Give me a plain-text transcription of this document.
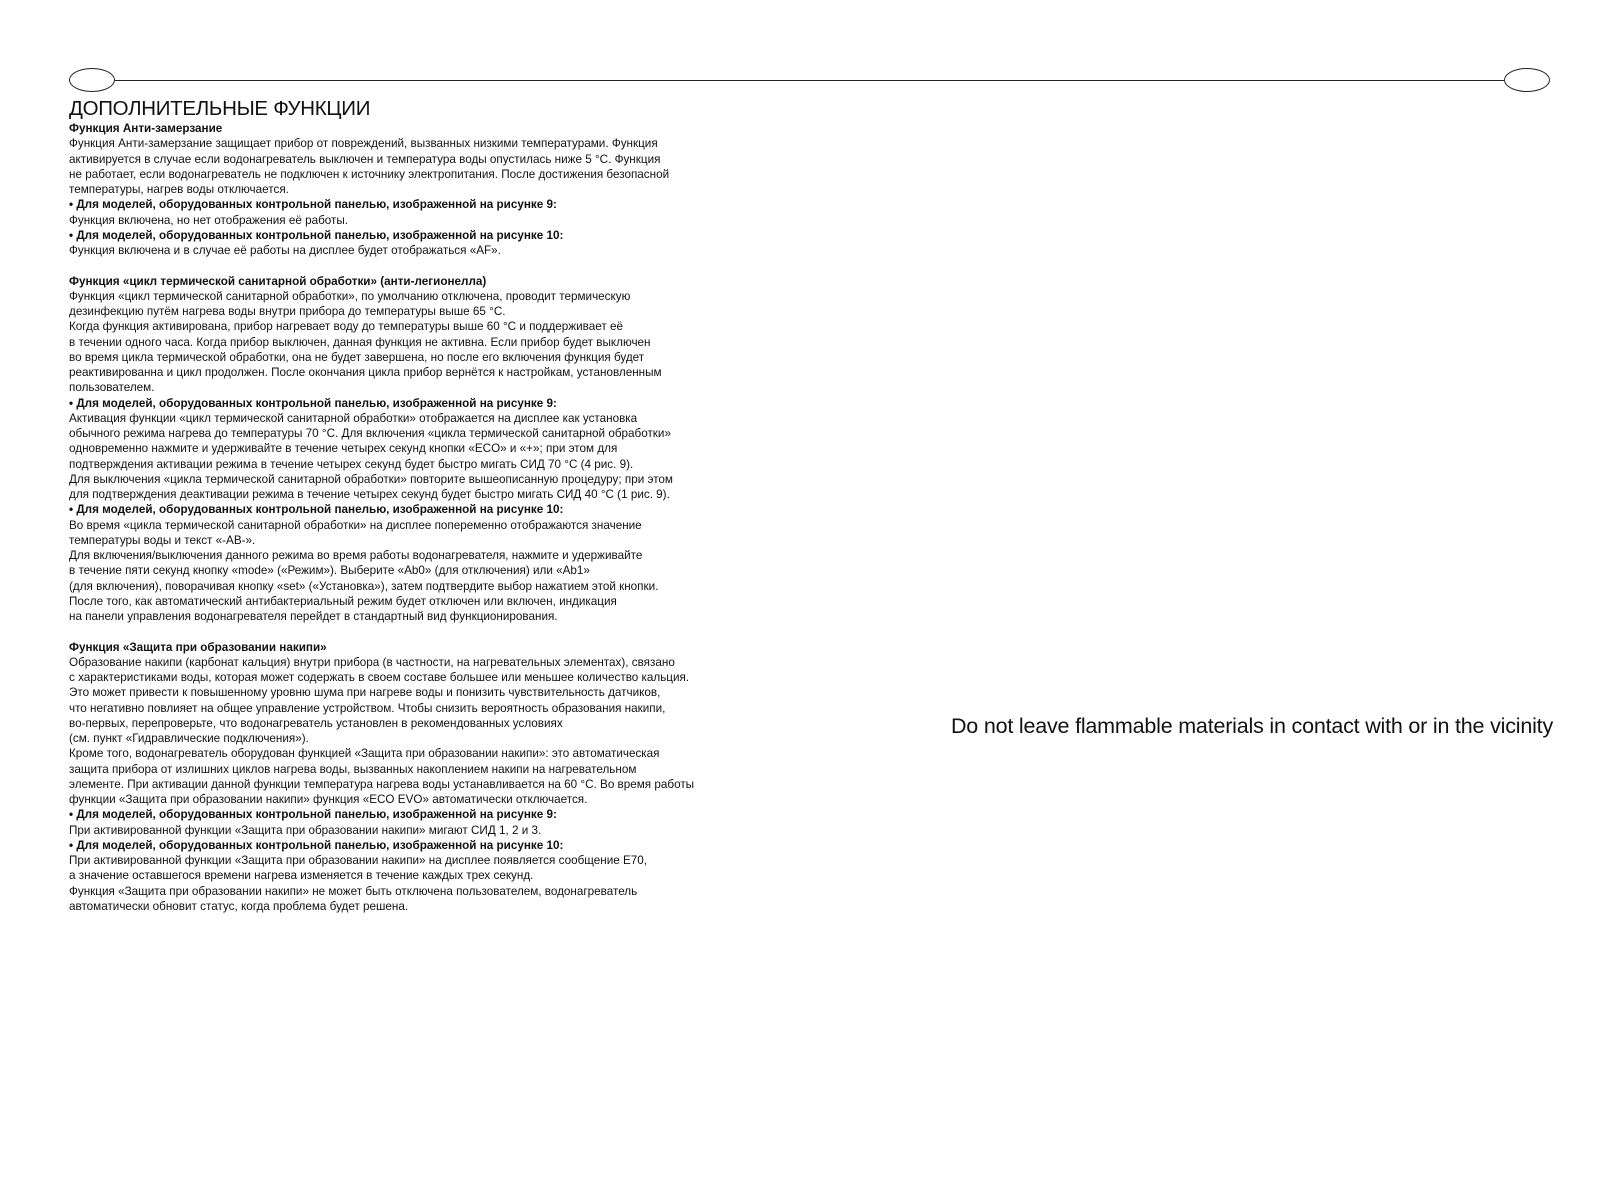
ДОПОЛНИТЕЛЬНЫЕ ФУНКЦИИ
Функция Анти-замерзание
Функция Анти-замерзание защищает прибор от повреждений, вызванных низкими температурами. Функция
активируется в случае если водонагреватель выключен и температура воды опустилась ниже 5 °C. Функция
не работает, если водонагреватель не подключен к источнику электропитания. После достижения безопасной
температуры, нагрев воды отключается.
• Для моделей, оборудованных контрольной панелью, изображенной на рисунке 9:
Функция включена, но нет отображения её работы.
• Для моделей, оборудованных контрольной панелью, изображенной на рисунке 10:
Функция включена и в случае её работы на дисплее будет отображаться «AF».
Функция «цикл термической санитарной обработки» (анти-легионелла)
Функция «цикл термической санитарной обработки», по умолчанию отключена, проводит термическую
дезинфекцию путём нагрева воды внутри прибора до температуры выше 65 °C.
Когда функция активирована, прибор нагревает воду до температуры выше 60 °C и поддерживает её
в течении одного часа. Когда прибор выключен, данная функция не активна. Если прибор будет выключен
во время цикла термической обработки, она не будет завершена, но после его включения функция будет
реактивированна и цикл продолжен. После окончания цикла прибор вернётся к настройкам, установленным
пользователем.
• Для моделей, оборудованных контрольной панелью, изображенной на рисунке 9:
Активация функции «цикл термической санитарной обработки» отображается на дисплее как установка
обычного режима нагрева до температуры 70 °C. Для включения «цикла термической санитарной обработки»
одновременно нажмите и удерживайте в течение четырех секунд кнопки «ECO» и «+»; при этом для
подтверждения активации режима в течение четырех секунд будет быстро мигать СИД 70 °C (4 рис. 9).
Для выключения «цикла термической санитарной обработки» повторите вышеописанную процедуру; при этом
для подтверждения деактивации режима в течение четырех секунд будет быстро мигать СИД 40 °C (1 рис. 9).
• Для моделей, оборудованных контрольной панелью, изображенной на рисунке 10:
Во время «цикла термической санитарной обработки» на дисплее попеременно отображаются значение
температуры воды и текст «-AB-».
Для включения/выключения данного режима во время работы водонагревателя, нажмите и удерживайте
в течение пяти секунд кнопку «mode» («Режим»). Выберите «Ab0» (для отключения) или «Ab1»
(для включения), поворачивая кнопку «set» («Установка»), затем подтвердите выбор нажатием этой кнопки.
После того, как автоматический антибактериальный режим будет отключен или включен, индикация
на панели управления водонагревателя перейдет в стандартный вид функционирования.
Функция «Защита при образовании накипи»
Образование накипи (карбонат кальция) внутри прибора (в частности, на нагревательных элементах), связано
с характеристиками воды, которая может содержать в своем составе большее или меньшее количество кальция.
Это может привести к повышенному уровню шума при нагреве воды и понизить чувствительность датчиков,
что негативно повлияет на общее управление устройством. Чтобы снизить вероятность образования накипи,
во-первых, перепроверьте, что водонагреватель установлен в рекомендованных условиях
(см. пункт «Гидравлические подключения»).
Кроме того, водонагреватель оборудован функцией «Защита при образовании накипи»: это автоматическая
защита прибора от излишних циклов нагрева воды, вызванных накоплением накипи на нагревательном
элементе. При активации данной функции температура нагрева воды устанавливается на 60 °C. Во время работы
функции «Защита при образовании накипи» функция «ECO EVO» автоматически отключается.
• Для моделей, оборудованных контрольной панелью, изображенной на рисунке 9:
При активированной функции «Защита при образовании накипи» мигают СИД 1, 2 и 3.
• Для моделей, оборудованных контрольной панелью, изображенной на рисунке 10:
При активированной функции «Защита при образовании накипи» на дисплее появляется сообщение E70,
а значение оставшегося времени нагрева изменяется в течение каждых трех секунд.
Функция «Защита при образовании накипи» не может быть отключена пользователем, водонагреватель
автоматически обновит статус, когда проблема будет решена.
Do not leave flammable materials in contact with or in the vicinity
